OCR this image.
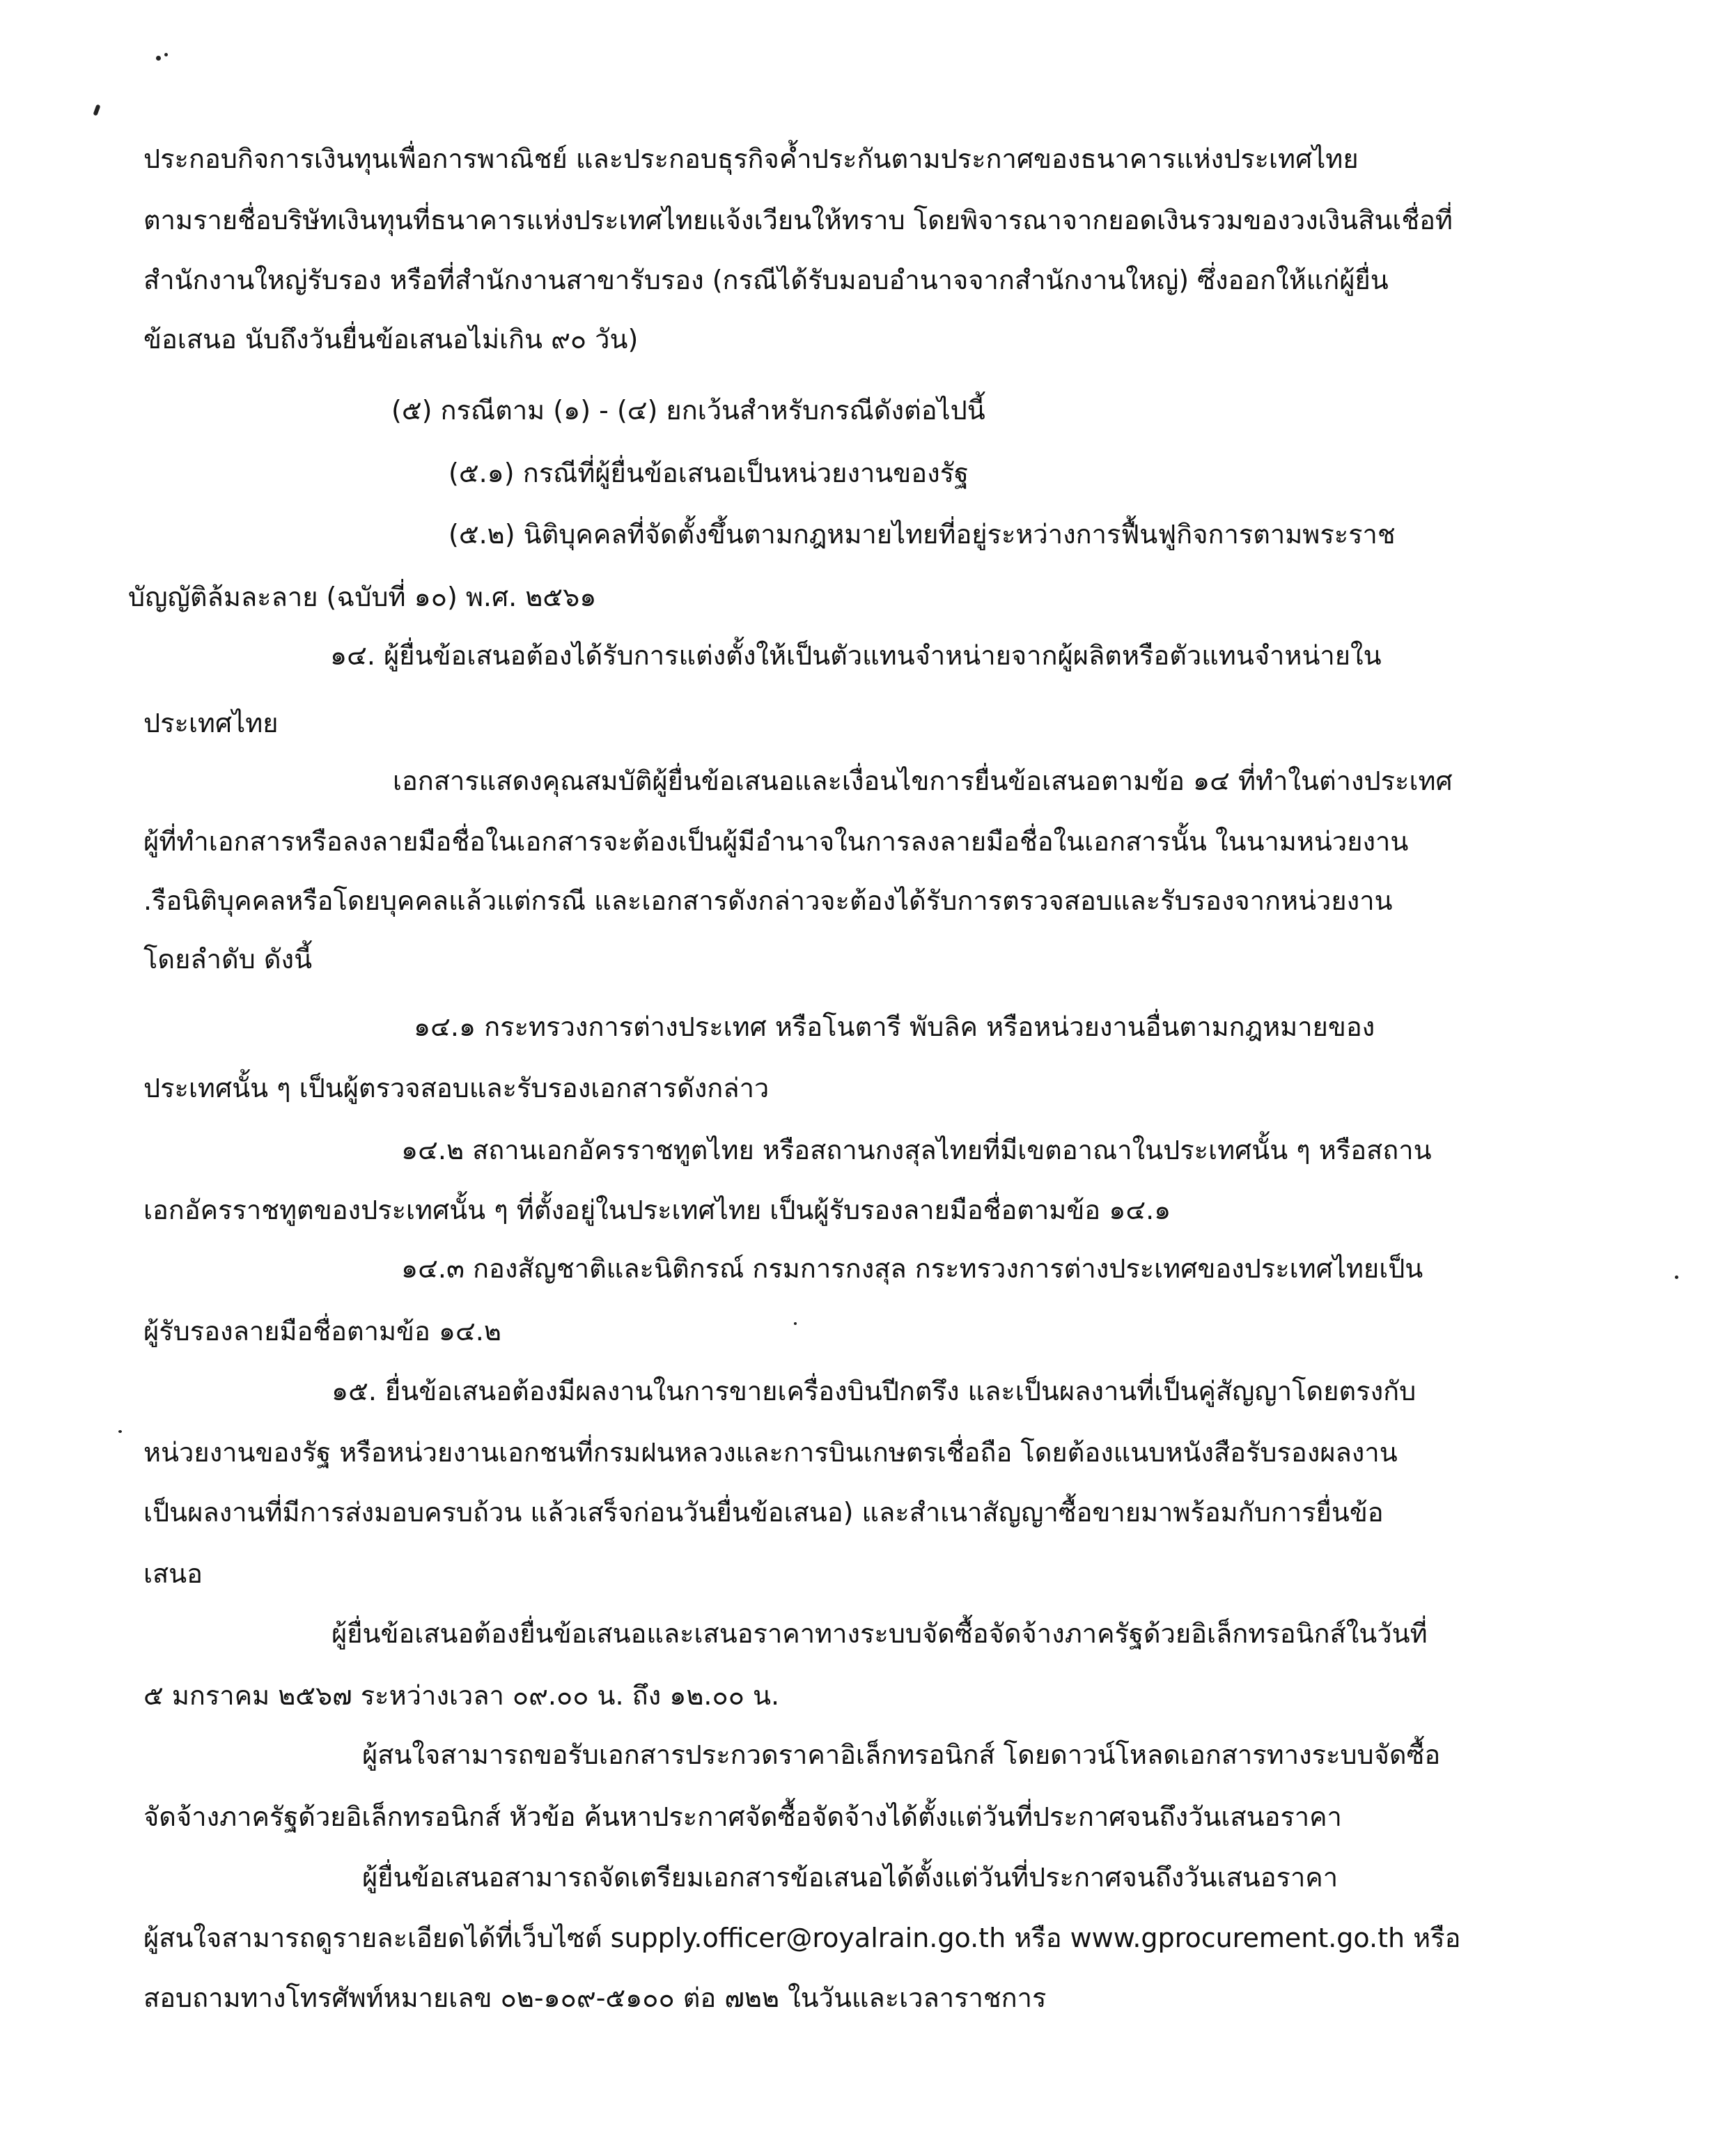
ประกอบกิจการเงินทุนเพื่อการพาณิชย์ และประกอบธุรกิจค้ำประกันตามประกาศของธนาคารแห่งประเทศไทย
ตามรายชื่อบริษัทเงินทุนที่ธนาคารแห่งประเทศไทยแจ้งเวียนให้ทราบ โดยพิจารณาจากยอดเงินรวมของวงเงินสินเชื่อที่
สำนักงานใหญ่รับรอง หรือที่สำนักงานสาขารับรอง (กรณีได้รับมอบอำนาจจากสำนักงานใหญ่) ซึ่งออกให้แก่ผู้ยื่น
ข้อเสนอ นับถึงวันยื่นข้อเสนอไม่เกิน ๙๐ วัน)
(๕) กรณีตาม (๑) - (๔) ยกเว้นสำหรับกรณีดังต่อไปนี้
(๕.๑) กรณีที่ผู้ยื่นข้อเสนอเป็นหน่วยงานของรัฐ
(๕.๒) นิติบุคคลที่จัดตั้งขึ้นตามกฎหมายไทยที่อยู่ระหว่างการฟื้นฟูกิจการตามพระราช
บัญญัติล้มละลาย (ฉบับที่ ๑๐) พ.ศ. ๒๕๖๑
๑๔. ผู้ยื่นข้อเสนอต้องได้รับการแต่งตั้งให้เป็นตัวแทนจำหน่ายจากผู้ผลิตหรือตัวแทนจำหน่ายใน
ประเทศไทย
เอกสารแสดงคุณสมบัติผู้ยื่นข้อเสนอและเงื่อนไขการยื่นข้อเสนอตามข้อ ๑๔ ที่ทำในต่างประเทศ
ผู้ที่ทำเอกสารหรือลงลายมือชื่อในเอกสารจะต้องเป็นผู้มีอำนาจในการลงลายมือชื่อในเอกสารนั้น ในนามหน่วยงาน
.รือนิติบุคคลหรือโดยบุคคลแล้วแต่กรณี และเอกสารดังกล่าวจะต้องได้รับการตรวจสอบและรับรองจากหน่วยงาน
โดยลำดับ ดังนี้
๑๔.๑ กระทรวงการต่างประเทศ หรือโนตารี พับลิค หรือหน่วยงานอื่นตามกฎหมายของ
ประเทศนั้น ๆ เป็นผู้ตรวจสอบและรับรองเอกสารดังกล่าว
๑๔.๒ สถานเอกอัครราชทูตไทย หรือสถานกงสุลไทยที่มีเขตอาณาในประเทศนั้น ๆ หรือสถาน
เอกอัครราชทูตของประเทศนั้น ๆ ที่ตั้งอยู่ในประเทศไทย เป็นผู้รับรองลายมือชื่อตามข้อ ๑๔.๑
๑๔.๓ กองสัญชาติและนิติกรณ์ กรมการกงสุล กระทรวงการต่างประเทศของประเทศไทยเป็น
ผู้รับรองลายมือชื่อตามข้อ ๑๔.๒
๑๕. ยื่นข้อเสนอต้องมีผลงานในการขายเครื่องบินปีกตรึง และเป็นผลงานที่เป็นคู่สัญญาโดยตรงกับ
หน่วยงานของรัฐ หรือหน่วยงานเอกชนที่กรมฝนหลวงและการบินเกษตรเชื่อถือ โดยต้องแนบหนังสือรับรองผลงาน
เป็นผลงานที่มีการส่งมอบครบถ้วน แล้วเสร็จก่อนวันยื่นข้อเสนอ) และสำเนาสัญญาซื้อขายมาพร้อมกับการยื่นข้อ
เสนอ
ผู้ยื่นข้อเสนอต้องยื่นข้อเสนอและเสนอราคาทางระบบจัดซื้อจัดจ้างภาครัฐด้วยอิเล็กทรอนิกส์ในวันที่
๕ มกราคม ๒๕๖๗ ระหว่างเวลา ๐๙.๐๐ น. ถึง ๑๒.๐๐ น.
ผู้สนใจสามารถขอรับเอกสารประกวดราคาอิเล็กทรอนิกส์ โดยดาวน์โหลดเอกสารทางระบบจัดซื้อ
จัดจ้างภาครัฐด้วยอิเล็กทรอนิกส์ หัวข้อ ค้นหาประกาศจัดซื้อจัดจ้างได้ตั้งแต่วันที่ประกาศจนถึงวันเสนอราคา
ผู้ยื่นข้อเสนอสามารถจัดเตรียมเอกสารข้อเสนอได้ตั้งแต่วันที่ประกาศจนถึงวันเสนอราคา
ผู้สนใจสามารถดูรายละเอียดได้ที่เว็บไซต์ supply.officer@royalrain.go.th หรือ www.gprocurement.go.th หรือ
สอบถามทางโทรศัพท์หมายเลข ๐๒-๑๐๙-๕๑๐๐ ต่อ ๗๒๒ ในวันและเวลาราชการ
